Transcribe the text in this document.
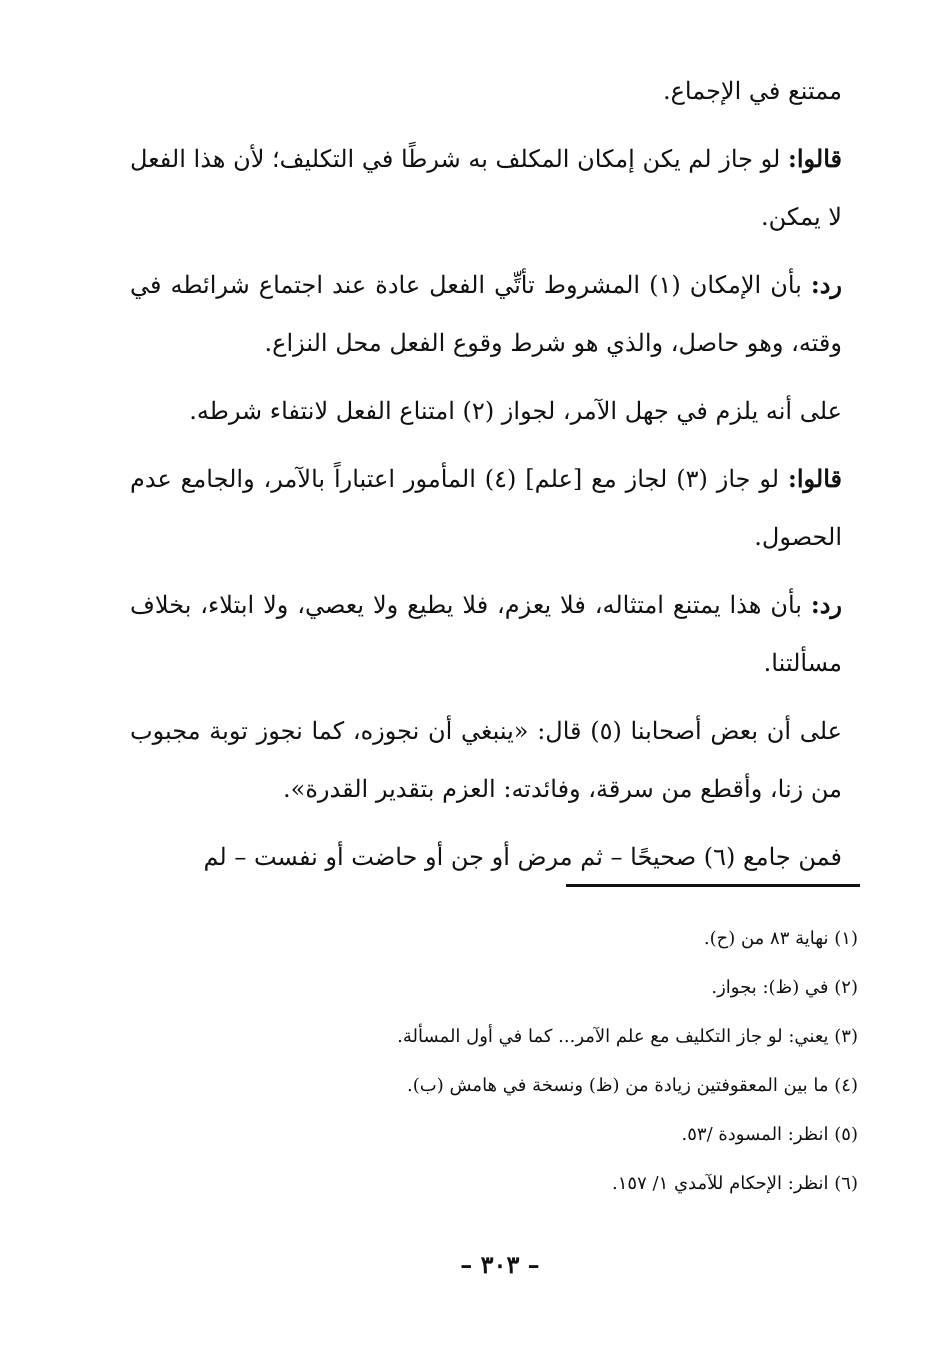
ممتنع في الإجماع.

قالوا: لو جاز لم يكن إمكان المكلف به شرطًا في التكليف؛ لأن هذا الفعل لا يمكن.

رد: بأن الإمكان (١) المشروط تأتِّي الفعل عادة عند اجتماع شرائطه في وقته، وهو حاصل، والذي هو شرط وقوع الفعل محل النزاع.

على أنه يلزم في جهل الآمر، لجواز (٢) امتناع الفعل لانتفاء شرطه.

قالوا: لو جاز (٣) لجاز مع [علم] (٤) المأمور اعتباراً بالآمر، والجامع عدم الحصول.

رد: بأن هذا يمتنع امتثاله، فلا يعزم، فلا يطيع ولا يعصي، ولا ابتلاء، بخلاف مسألتنا.

على أن بعض أصحابنا (٥) قال: «ينبغي أن نجوزه، كما نجوز توبة مجبوب من زنا، وأقطع من سرقة، وفائدته: العزم بتقدير القدرة».

فمن جامع (٦) صحيحًا – ثم مرض أو جن أو حاضت أو نفست – لم

(١) نهاية ٨٣ من (ح).

(٢) في (ظ): بجواز.

(٣) يعني: لو جاز التكليف مع علم الآمر... كما في أول المسألة.

(٤) ما بين المعقوفتين زيادة من (ظ) ونسخة في هامش (ب).

(٥) انظر: المسودة /٥٣.

(٦) انظر: الإحكام للآمدي ١/ ١٥٧.

– ٣٠٣ –
